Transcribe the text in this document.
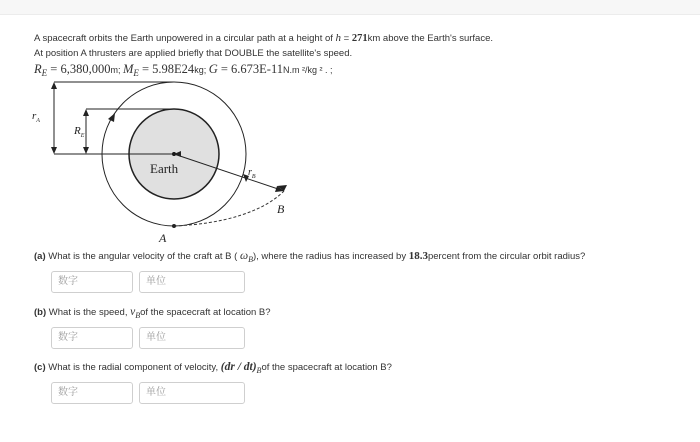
A spacecraft orbits the Earth unpowered in a circular path at a height of h = 271km above the Earth's surface.
At position A thrusters are applied briefly that DOUBLE the satellite's speed.
$R_E = 6,380,000m$; $M_E = 5.98E24kg$; G = 6.673E-11N.m ²/kg ² . ;
$r_A$
$R_E$
Earth	$r_B$
B
A
(a) What is the angular velocity of the craft at B ( $\omega_B$), where the radius has increased by 18.3percent from the circular orbit radius?
数字	单位
(b) What is the speed, $v_Bof$ the spacecraft at location B?
数字	单位
(c) What is the radial component of velocity, $(dr / dt)_Bof$ the spacecraft at location B?
数字	单位
